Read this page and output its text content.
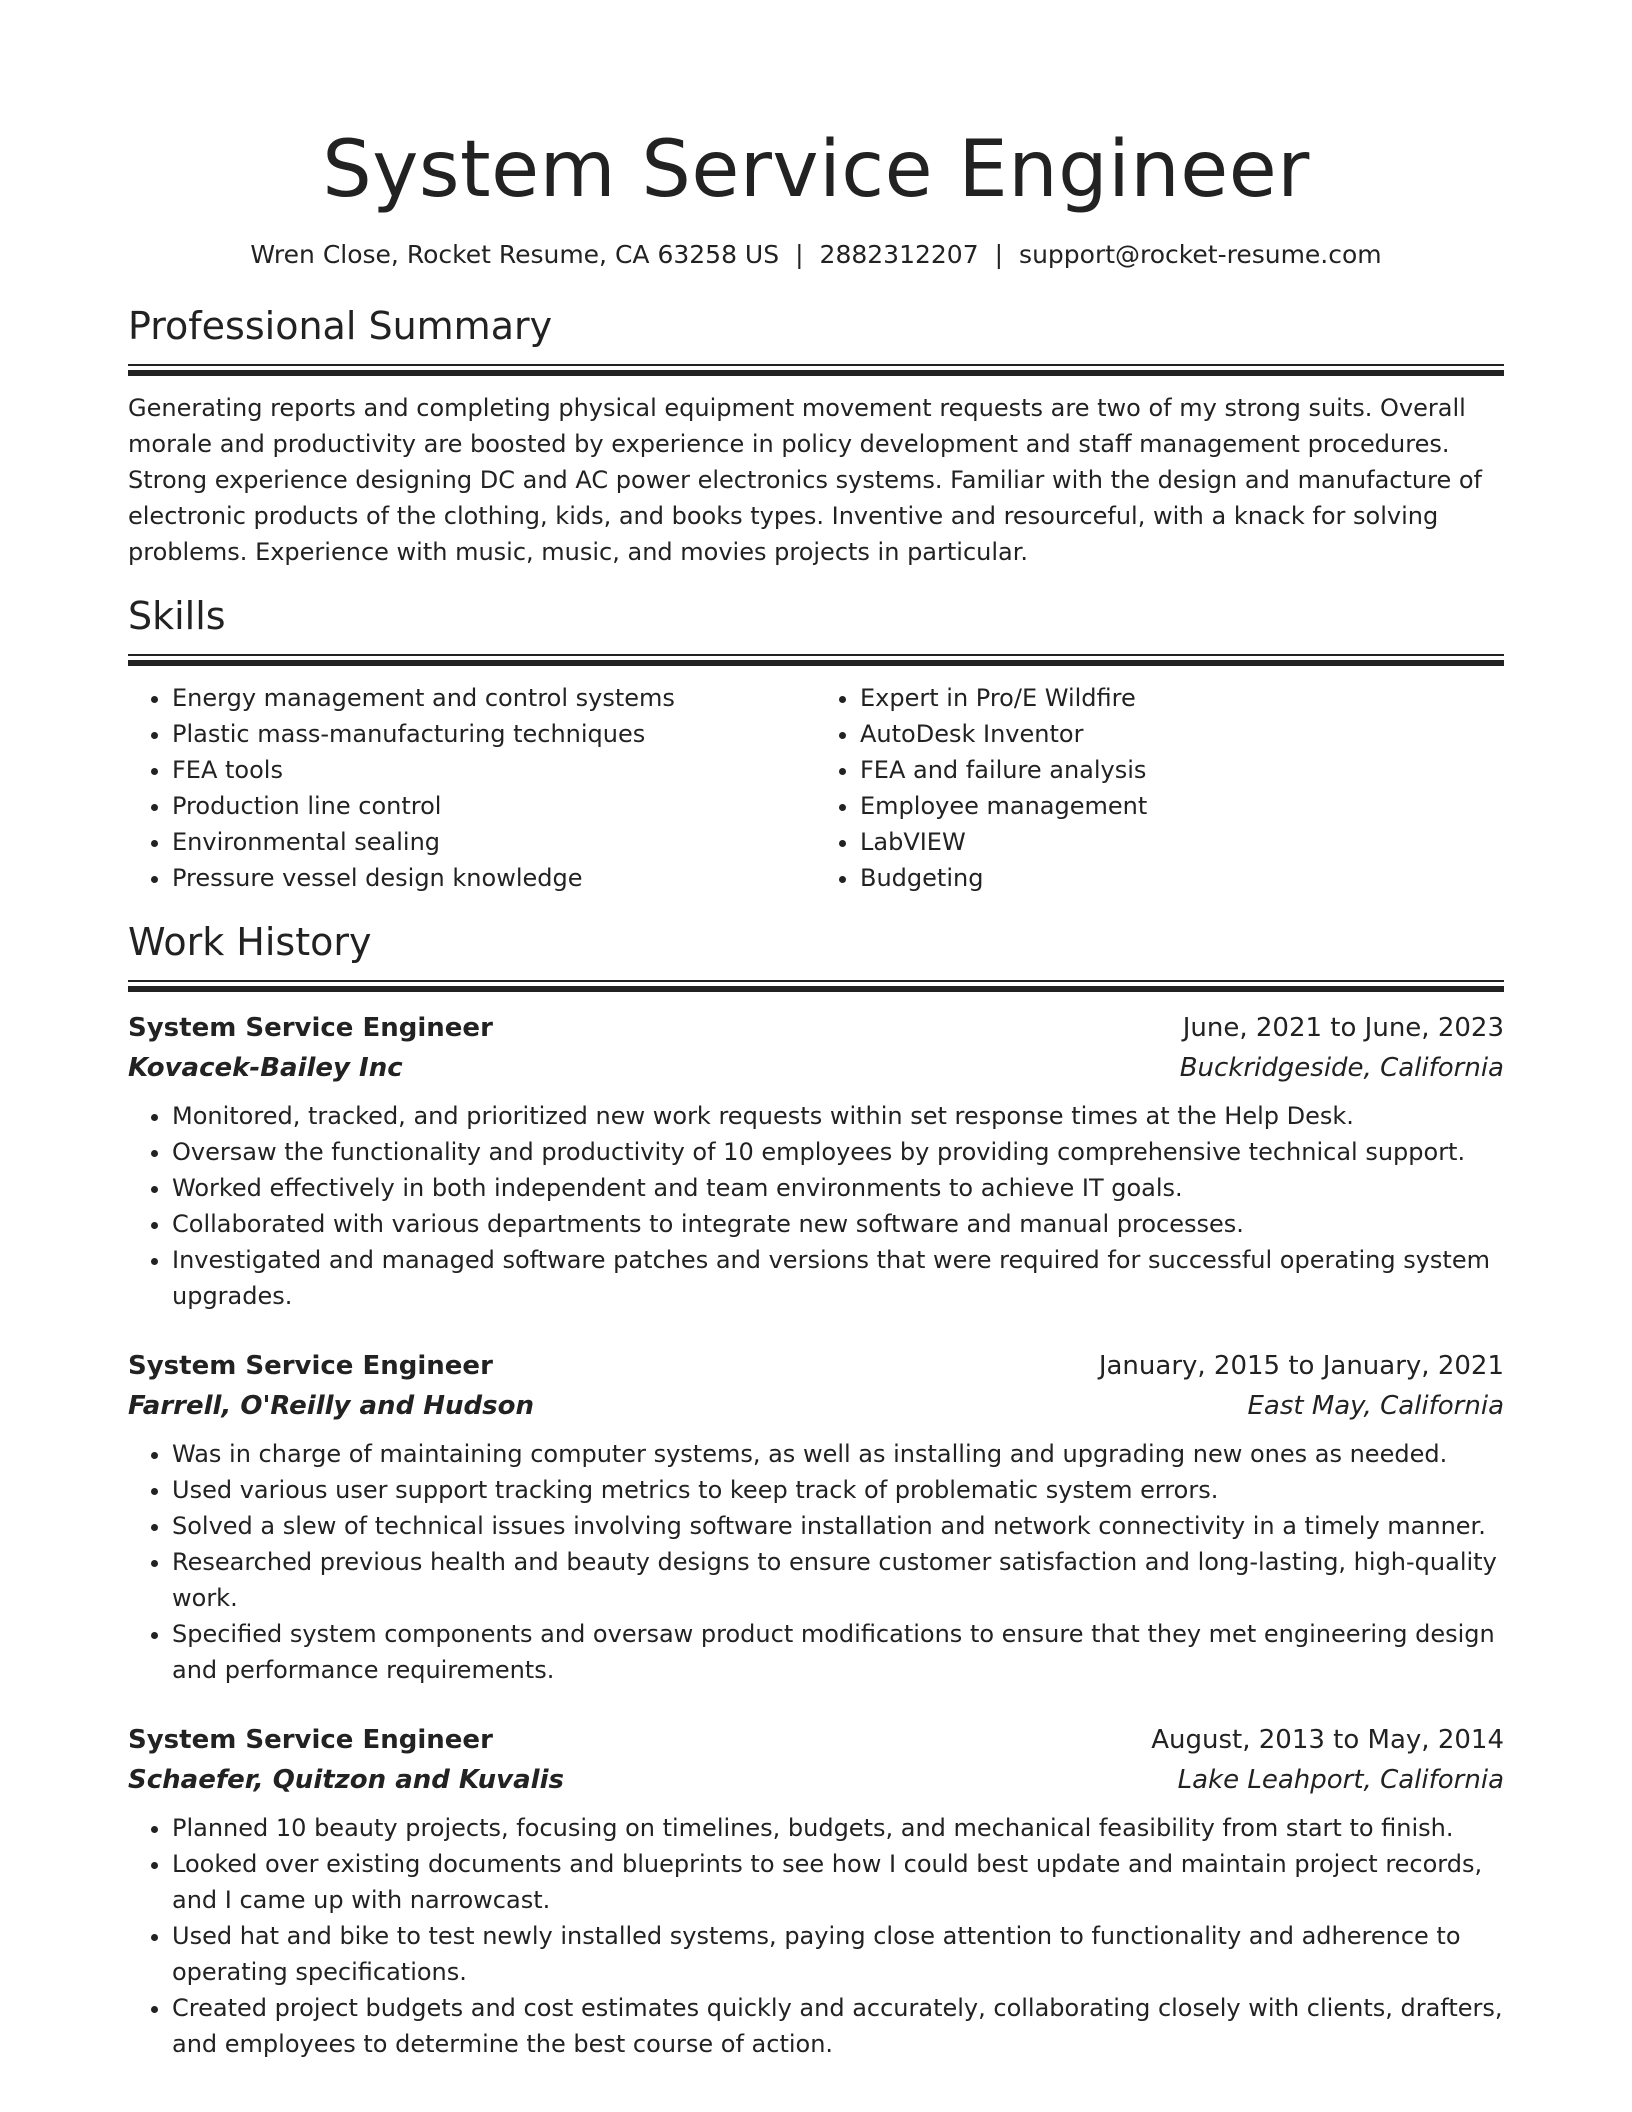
System Service Engineer
Wren Close, Rocket Resume, CA 63258 US | 2882312207 | support@rocket-resume.com
Professional Summary
Generating reports and completing physical equipment movement requests are two of my strong suits. Overall morale and productivity are boosted by experience in policy development and staff management procedures. Strong experience designing DC and AC power electronics systems. Familiar with the design and manufacture of electronic products of the clothing, kids, and books types. Inventive and resourceful, with a knack for solving problems. Experience with music, music, and movies projects in particular.
Skills
• Energy management and control systems
• Plastic mass-manufacturing techniques
• FEA tools
• Production line control
• Environmental sealing
• Pressure vessel design knowledge
• Expert in Pro/E Wildfire
• AutoDesk Inventor
• FEA and failure analysis
• Employee management
• LabVIEW
• Budgeting
Work History
System Service Engineer	June, 2021 to June, 2023
Kovacek-Bailey Inc	Buckridgeside, California
• Monitored, tracked, and prioritized new work requests within set response times at the Help Desk.
• Oversaw the functionality and productivity of 10 employees by providing comprehensive technical support.
• Worked effectively in both independent and team environments to achieve IT goals.
• Collaborated with various departments to integrate new software and manual processes.
• Investigated and managed software patches and versions that were required for successful operating system upgrades.
System Service Engineer	January, 2015 to January, 2021
Farrell, O'Reilly and Hudson	East May, California
• Was in charge of maintaining computer systems, as well as installing and upgrading new ones as needed.
• Used various user support tracking metrics to keep track of problematic system errors.
• Solved a slew of technical issues involving software installation and network connectivity in a timely manner.
• Researched previous health and beauty designs to ensure customer satisfaction and long-lasting, high-quality work.
• Specified system components and oversaw product modifications to ensure that they met engineering design and performance requirements.
System Service Engineer	August, 2013 to May, 2014
Schaefer, Quitzon and Kuvalis	Lake Leahport, California
• Planned 10 beauty projects, focusing on timelines, budgets, and mechanical feasibility from start to finish.
• Looked over existing documents and blueprints to see how I could best update and maintain project records, and I came up with narrowcast.
• Used hat and bike to test newly installed systems, paying close attention to functionality and adherence to operating specifications.
• Created project budgets and cost estimates quickly and accurately, collaborating closely with clients, drafters, and employees to determine the best course of action.
